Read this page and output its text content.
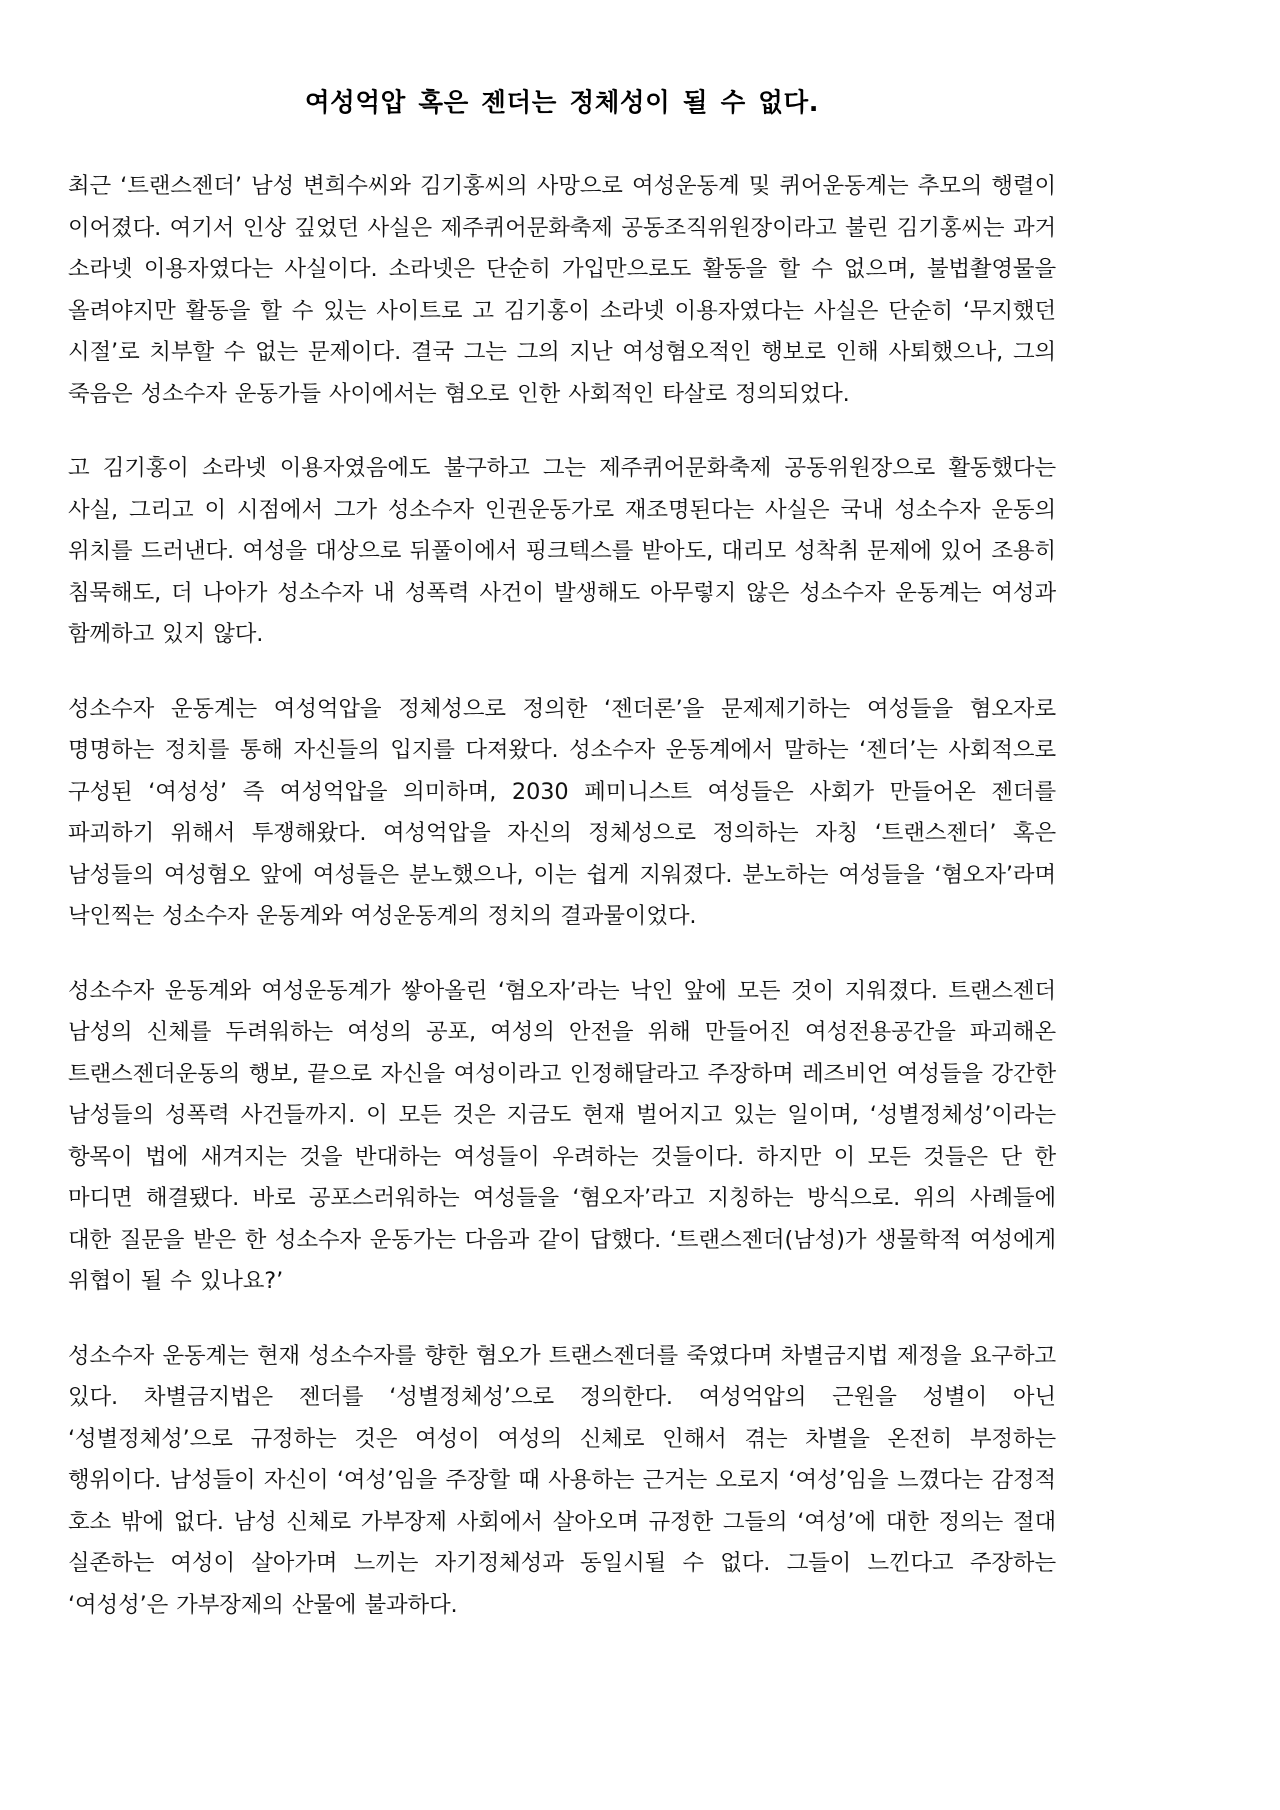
여성억압 혹은 젠더는 정체성이 될 수 없다.

최근 ‘트랜스젠더’ 남성 변희수씨와 김기홍씨의 사망으로 여성운동계 및 퀴어운동계는 추모의 행렬이 이어졌다. 여기서 인상 깊었던 사실은 제주퀴어문화축제 공동조직위원장이라고 불린 김기홍씨는 과거 소라넷 이용자였다는 사실이다. 소라넷은 단순히 가입만으로도 활동을 할 수 없으며, 불법촬영물을 올려야지만 활동을 할 수 있는 사이트로 고 김기홍이 소라넷 이용자였다는 사실은 단순히 ‘무지했던 시절’로 치부할 수 없는 문제이다. 결국 그는 그의 지난 여성혐오적인 행보로 인해 사퇴했으나, 그의 죽음은 성소수자 운동가들 사이에서는 혐오로 인한 사회적인 타살로 정의되었다.

고 김기홍이 소라넷 이용자였음에도 불구하고 그는 제주퀴어문화축제 공동위원장으로 활동했다는 사실, 그리고 이 시점에서 그가 성소수자 인권운동가로 재조명된다는 사실은 국내 성소수자 운동의 위치를 드러낸다. 여성을 대상으로 뒤풀이에서 핑크텍스를 받아도, 대리모 성착취 문제에 있어 조용히 침묵해도, 더 나아가 성소수자 내 성폭력 사건이 발생해도 아무렇지 않은 성소수자 운동계는 여성과 함께하고 있지 않다.

성소수자 운동계는 여성억압을 정체성으로 정의한 ‘젠더론’을 문제제기하는 여성들을 혐오자로 명명하는 정치를 통해 자신들의 입지를 다져왔다. 성소수자 운동계에서 말하는 ‘젠더’는 사회적으로 구성된 ‘여성성’ 즉 여성억압을 의미하며, 2030 페미니스트 여성들은 사회가 만들어온 젠더를 파괴하기 위해서 투쟁해왔다. 여성억압을 자신의 정체성으로 정의하는 자칭 ‘트랜스젠더’ 혹은 남성들의 여성혐오 앞에 여성들은 분노했으나, 이는 쉽게 지워졌다. 분노하는 여성들을 ‘혐오자’라며 낙인찍는 성소수자 운동계와 여성운동계의 정치의 결과물이었다.

성소수자 운동계와 여성운동계가 쌓아올린 ‘혐오자’라는 낙인 앞에 모든 것이 지워졌다. 트랜스젠더 남성의 신체를 두려워하는 여성의 공포, 여성의 안전을 위해 만들어진 여성전용공간을 파괴해온 트랜스젠더운동의 행보, 끝으로 자신을 여성이라고 인정해달라고 주장하며 레즈비언 여성들을 강간한 남성들의 성폭력 사건들까지. 이 모든 것은 지금도 현재 벌어지고 있는 일이며, ‘성별정체성’이라는 항목이 법에 새겨지는 것을 반대하는 여성들이 우려하는 것들이다. 하지만 이 모든 것들은 단 한 마디면 해결됐다. 바로 공포스러워하는 여성들을 ‘혐오자’라고 지칭하는 방식으로. 위의 사례들에 대한 질문을 받은 한 성소수자 운동가는 다음과 같이 답했다. ‘트랜스젠더(남성)가 생물학적 여성에게 위협이 될 수 있나요?’

성소수자 운동계는 현재 성소수자를 향한 혐오가 트랜스젠더를 죽였다며 차별금지법 제정을 요구하고 있다. 차별금지법은 젠더를 ‘성별정체성’으로 정의한다. 여성억압의 근원을 성별이 아닌 ‘성별정체성’으로 규정하는 것은 여성이 여성의 신체로 인해서 겪는 차별을 온전히 부정하는 행위이다. 남성들이 자신이 ‘여성’임을 주장할 때 사용하는 근거는 오로지 ‘여성’임을 느꼈다는 감정적 호소 밖에 없다. 남성 신체로 가부장제 사회에서 살아오며 규정한 그들의 ‘여성’에 대한 정의는 절대 실존하는 여성이 살아가며 느끼는 자기정체성과 동일시될 수 없다. 그들이 느낀다고 주장하는 ‘여성성’은 가부장제의 산물에 불과하다.
